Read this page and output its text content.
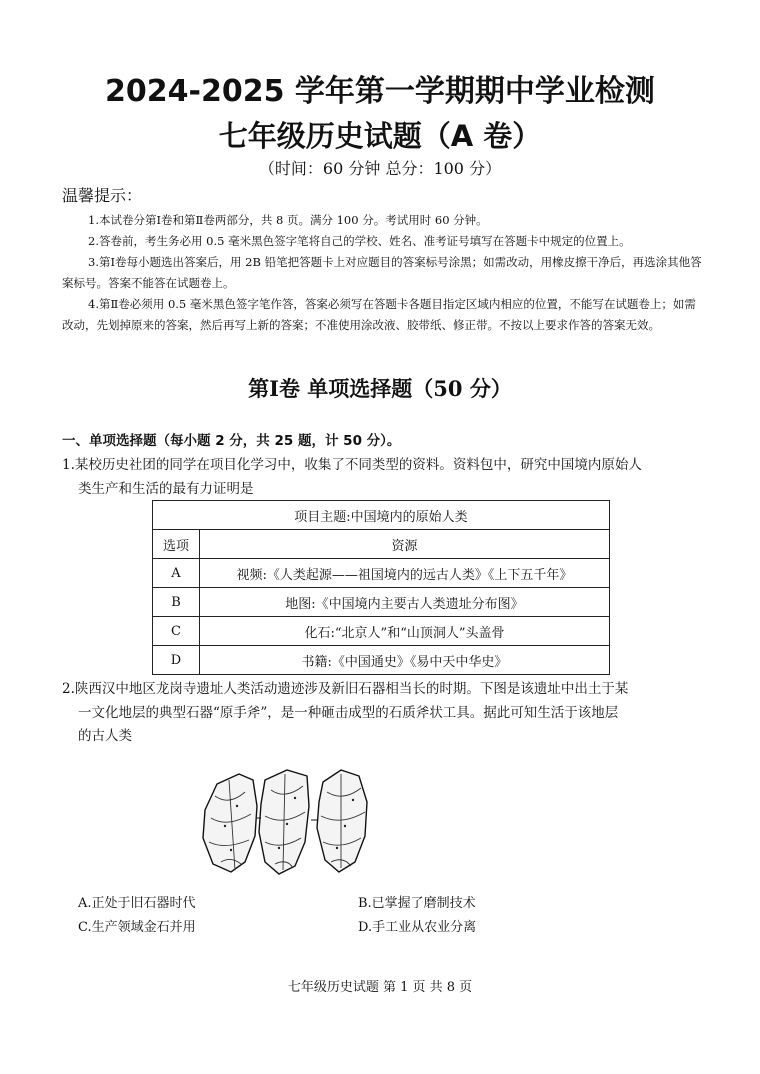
2024-2025 学年第一学期期中学业检测
七年级历史试题（A 卷）
（时间：60 分钟 总分：100 分）
温馨提示：

1.本试卷分第Ⅰ卷和第Ⅱ卷两部分，共 8 页。满分 100 分。考试用时 60 分钟。

2.答卷前，考生务必用 0.5 毫米黑色签字笔将自己的学校、姓名、准考证号填写在答题卡中规定的位置上。

3.第Ⅰ卷每小题选出答案后，用 2B 铅笔把答题卡上对应题目的答案标号涂黑；如需改动，用橡皮擦干净后，再选涂其他答案标号。答案不能答在试题卷上。

4.第Ⅱ卷必须用 0.5 毫米黑色签字笔作答，答案必须写在答题卡各题目指定区域内相应的位置，不能写在试题卷上；如需改动，先划掉原来的答案，然后再写上新的答案；不准使用涂改液、胶带纸、修正带。不按以上要求作答的答案无效。

第Ⅰ卷 单项选择题（50 分）
一、单项选择题（每小题 2 分，共 25 题，计 50 分）。
1.某校历史社团的同学在项目化学习中，收集了不同类型的资料。资料包中，研究中国境内原始人
类生产和生活的最有力证明是
项目主题:中国境内的原始人类	
选项	资源
A	视频:《人类起源——祖国境内的远古人类》《上下五千年》
B	地图:《中国境内主要古人类遗址分布图》
C	化石:“北京人”和“山顶洞人”头盖骨
D	书籍:《中国通史》《易中天中华史》
2.陕西汉中地区龙岗寺遗址人类活动遗迹涉及新旧石器相当长的时期。下图是该遗址中出土于某
一文化地层的典型石器“原手斧”，是一种砸击成型的石质斧状工具。据此可知生活于该地层
的古人类
A.正处于旧石器时代	B.已掌握了磨制技术
C.生产领域金石并用	D.手工业从农业分离
七年级历史试题 第 1 页 共 8 页
